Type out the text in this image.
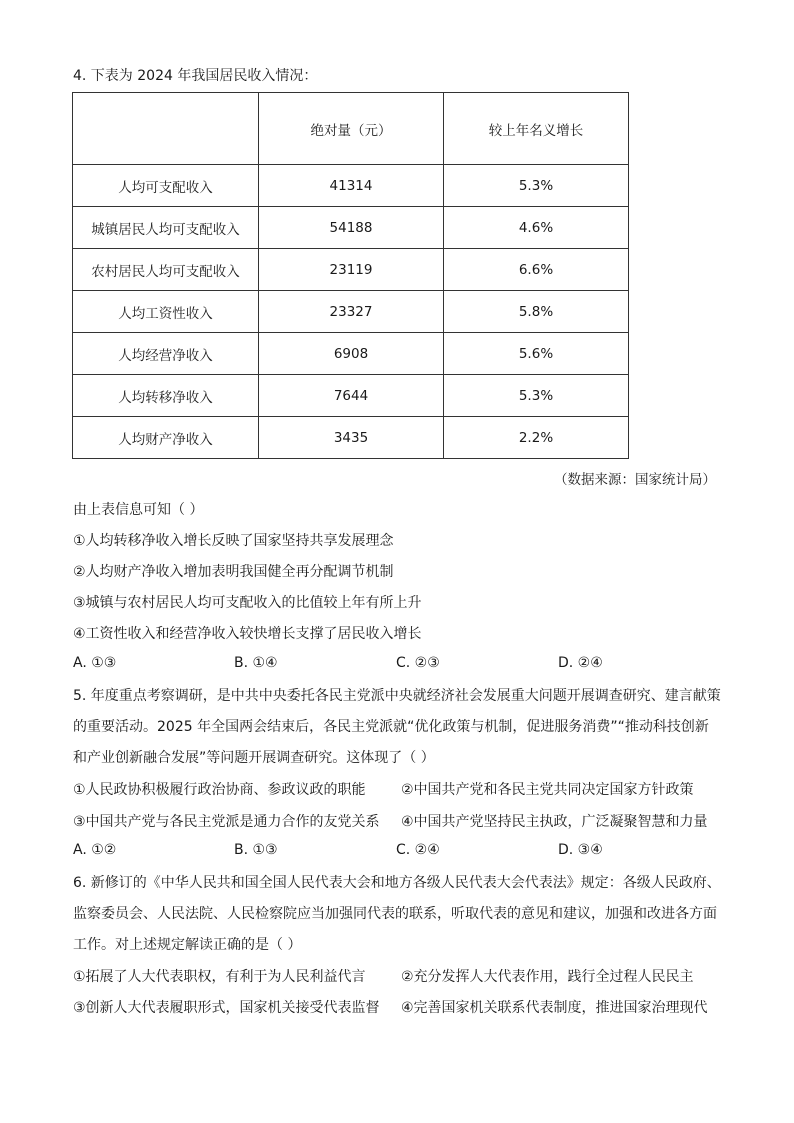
4. 下表为 2024 年我国居民收入情况：
	绝对量（元）	较上年名义增长
人均可支配收入	41314	5.3%
城镇居民人均可支配收入	54188	4.6%
农村居民人均可支配收入	23119	6.6%
人均工资性收入	23327	5.8%
人均经营净收入	6908	5.6%
人均转移净收入	7644	5.3%
人均财产净收入	3435	2.2%
（数据来源：国家统计局）
由上表信息可知（ ）
①人均转移净收入增长反映了国家坚持共享发展理念
②人均财产净收入增加表明我国健全再分配调节机制
③城镇与农村居民人均可支配收入的比值较上年有所上升
④工资性收入和经营净收入较快增长支撑了居民收入增长
A. ①③	B. ①④	C. ②③	D. ②④
5. 年度重点考察调研，是中共中央委托各民主党派中央就经济社会发展重大问题开展调查研究、建言献策
的重要活动。2025 年全国两会结束后，各民主党派就“优化政策与机制，促进服务消费”“推动科技创新
和产业创新融合发展”等问题开展调查研究。这体现了（ ）
①人民政协积极履行政治协商、参政议政的职能	②中国共产党和各民主党共同决定国家方针政策
③中国共产党与各民主党派是通力合作的友党关系 ④中国共产党坚持民主执政，广泛凝聚智慧和力量
A. ①②	B. ①③	C. ②④	D. ③④
6. 新修订的《中华人民共和国全国人民代表大会和地方各级人民代表大会代表法》规定：各级人民政府、
监察委员会、人民法院、人民检察院应当加强同代表的联系，听取代表的意见和建议，加强和改进各方面
工作。对上述规定解读正确的是（ ）
①拓展了人大代表职权，有利于为人民利益代言	②充分发挥人大代表作用，践行全过程人民民主
③创新人大代表履职形式，国家机关接受代表监督 ④完善国家机关联系代表制度，推进国家治理现代
